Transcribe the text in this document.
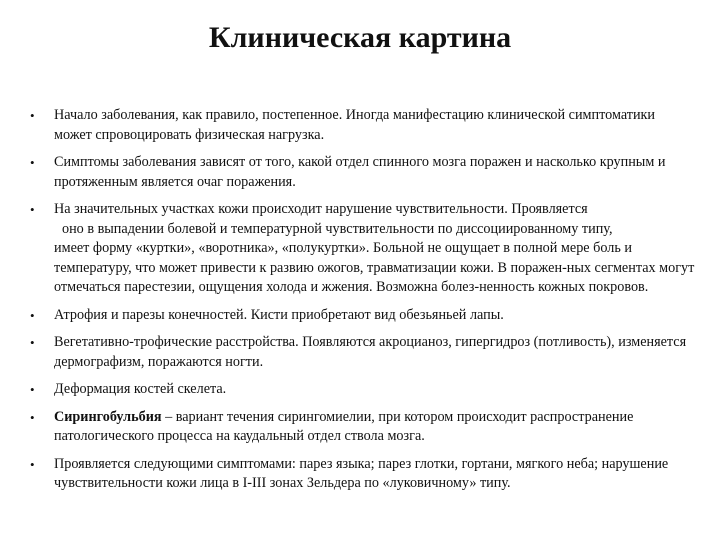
Клиническая картина
• Начало заболевания, как правило, постепенное. Иногда манифестацию клинической симптоматики может спровоцировать физическая нагрузка.
• Симптомы заболевания зависят от того, какой отдел спинного мозга поражен и насколько крупным и протяженным является очаг поражения.
• На значительных участках кожи происходит нарушение чувствительности. Проявляется
оно в выпадении болевой и температурной чувствительности по диссоциированному типу,
имеет форму «куртки», «воротника», «полукуртки». Больной не ощущает в полной мере боль и температуру, что может привести к развию ожогов, травматизации кожи. В поражен-ных сегментах могут отмечаться парестезии, ощущения холода и жжения. Возможна болез-ненность кожных покровов.
• Атрофия и парезы конечностей. Кисти приобретают вид обезьяньей лапы.
• Вегетативно-трофические расстройства. Появляются акроцианоз, гипергидроз (потливость), изменяется дермографизм, поражаются ногти.
• Деформация костей скелета.
• Сирингобульбия – вариант течения сирингомиелии, при котором происходит распространение патологического процесса на каудальный отдел ствола мозга.
• Проявляется следующими симптомами: парез языка; парез глотки, гортани, мягкого неба; нарушение чувствительности кожи лица в I-III зонах Зельдера по «луковичному» типу.
